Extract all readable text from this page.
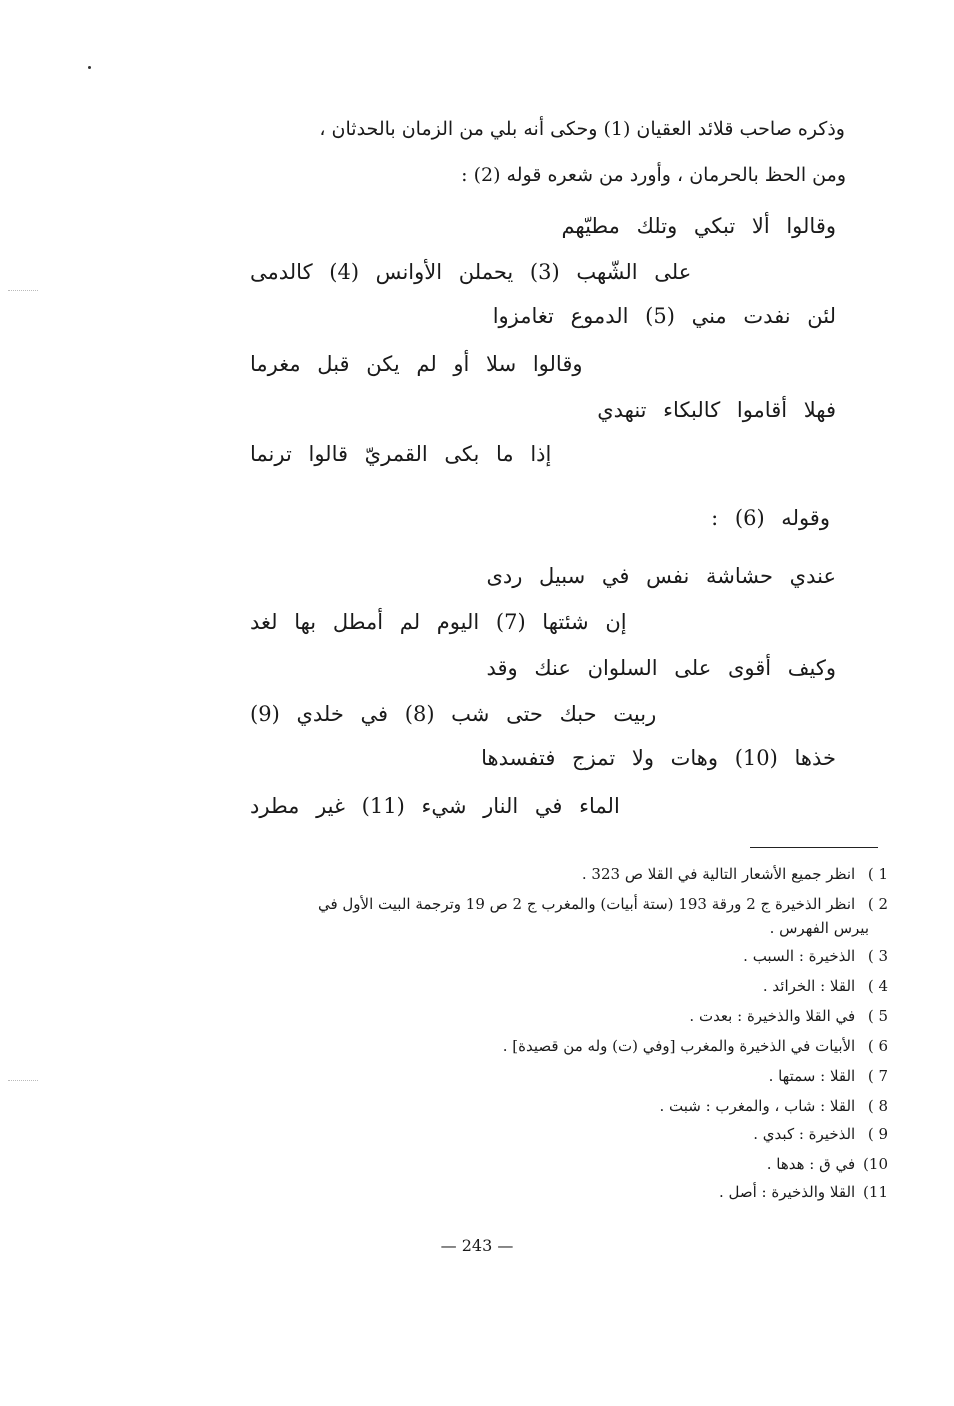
وذكره صاحب قلائد العقيان (1) وحكى أنه بلي من الزمان بالحدثان ،
ومن الحظ بالحرمان ، وأورد من شعره قوله (2) :
وقالوا ألا تبكي وتلك مطيّهم
على الشّهب (3) يحملن الأوانس (4) كالدمى
لئن نفدت مني (5) الدموع تغامزوا
وقالوا سلا أو لم يكن قبل مغرما
فهلا أقاموا كالبكاء تنهدي
إذا ما بكى القمريّ قالوا ترنما
وقوله (6) :
عندي حشاشة نفس في سبيل ردى
إن شئتها (7) اليوم لم أمطل بها لغد
وكيف أقوى على السلوان عنك وقد
ربيت حبك حتى شب (8) في خلدي (9)
خذها (10) وهات ولا تمزج فتفسدها
الماء في النار شيء (11) غير مطرد
1 ) انظر جميع الأشعار التالية في القلا ص 323 .
2 ) انظر الذخيرة ج 2 ورقة 193 (ستة أبيات) والمغرب ج 2 ص 19 وترجمة البيت الأول في
بيرس الفهرس .
3 ) الذخيرة : السبب .
4 ) القلا : الخرائد .
5 ) في القلا والذخيرة : بعدت .
6 ) الأبيات في الذخيرة والمغرب [وفي (ت) وله من قصيدة] .
7 ) القلا : سمتها .
8 ) القلا : شاب ، والمغرب : شبت .
9 ) الذخيرة : كبدي .
10) في ق : هدها .
11) القلا والذخيرة : أصل .
— 243 —
